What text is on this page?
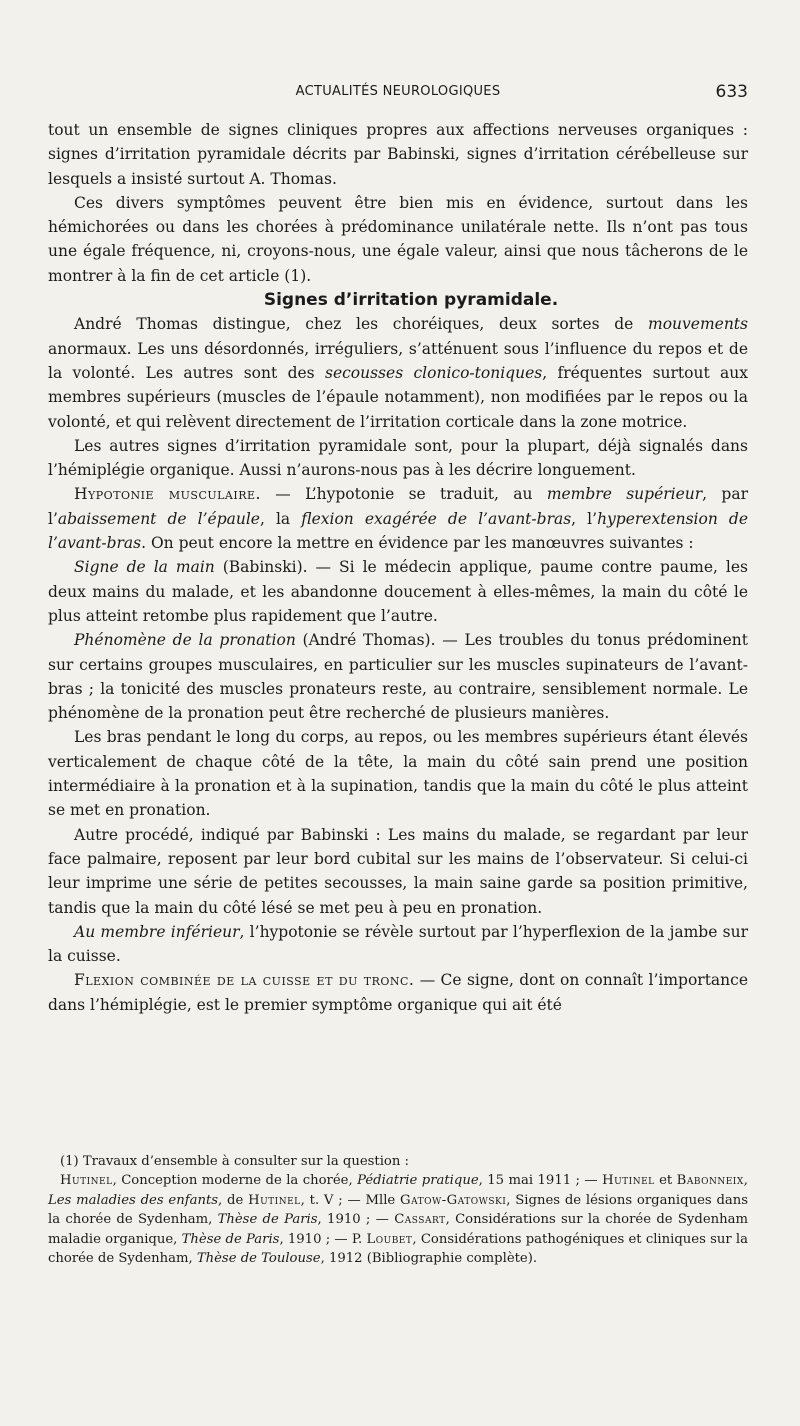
ACTUALITÉS NEUROLOGIQUES	633

tout un ensemble de signes cliniques propres aux affections nerveuses organiques : signes d’irritation pyramidale décrits par Babinski, signes d’irritation cérébelleuse sur lesquels a insisté surtout A. Thomas.

Ces divers symptômes peuvent être bien mis en évidence, surtout dans les hémichorées ou dans les chorées à prédominance unilatérale nette. Ils n’ont pas tous une égale fréquence, ni, croyons-nous, une égale valeur, ainsi que nous tâcherons de le montrer à la fin de cet article (1).

Signes d’irritation pyramidale.

André Thomas distingue, chez les choréiques, deux sortes de mouvements anormaux. Les uns désordonnés, irréguliers, s’atténuent sous l’influence du repos et de la volonté. Les autres sont des secousses clonico-toniques, fréquentes surtout aux membres supérieurs (muscles de l’épaule notamment), non modifiées par le repos ou la volonté, et qui relèvent directement de l’irritation corticale dans la zone motrice.

Les autres signes d’irritation pyramidale sont, pour la plupart, déjà signalés dans l’hémiplégie organique. Aussi n’aurons-nous pas à les décrire longuement.

Hypotonie musculaire. — L’hypotonie se traduit, au membre supérieur, par l’abaissement de l’épaule, la flexion exagérée de l’avant-bras, l’hyperextension de l’avant-bras. On peut encore la mettre en évidence par les manœuvres suivantes :

Signe de la main (Babinski). — Si le médecin applique, paume contre paume, les deux mains du malade, et les abandonne doucement à elles-mêmes, la main du côté le plus atteint retombe plus rapidement que l’autre.

Phénomène de la pronation (André Thomas). — Les troubles du tonus prédominent sur certains groupes musculaires, en particulier sur les muscles supinateurs de l’avant-bras ; la tonicité des muscles pronateurs reste, au contraire, sensiblement normale. Le phénomène de la pronation peut être recherché de plusieurs manières.

Les bras pendant le long du corps, au repos, ou les membres supérieurs étant élevés verticalement de chaque côté de la tête, la main du côté sain prend une position intermédiaire à la pronation et à la supination, tandis que la main du côté le plus atteint se met en pronation.

Autre procédé, indiqué par Babinski : Les mains du malade, se regardant par leur face palmaire, reposent par leur bord cubital sur les mains de l’observateur. Si celui-ci leur imprime une série de petites secousses, la main saine garde sa position primitive, tandis que la main du côté lésé se met peu à peu en pronation.

Au membre inférieur, l’hypotonie se révèle surtout par l’hyperflexion de la jambe sur la cuisse.

Flexion combinée de la cuisse et du tronc. — Ce signe, dont on connaît l’importance dans l’hémiplégie, est le premier symptôme organique qui ait été

(1) Travaux d’ensemble à consulter sur la question :

Hutinel, Conception moderne de la chorée, Pédiatrie pratique, 15 mai 1911 ; — Hutinel et Babonneix, Les maladies des enfants, de Hutinel, t. V ; — Mlle Gatow-Gatowski, Signes de lésions organiques dans la chorée de Sydenham, Thèse de Paris, 1910 ; — Cassart, Considérations sur la chorée de Sydenham maladie organique, Thèse de Paris, 1910 ; — P. Loubet, Considérations pathogéniques et cliniques sur la chorée de Sydenham, Thèse de Toulouse, 1912 (Bibliographie complète).
